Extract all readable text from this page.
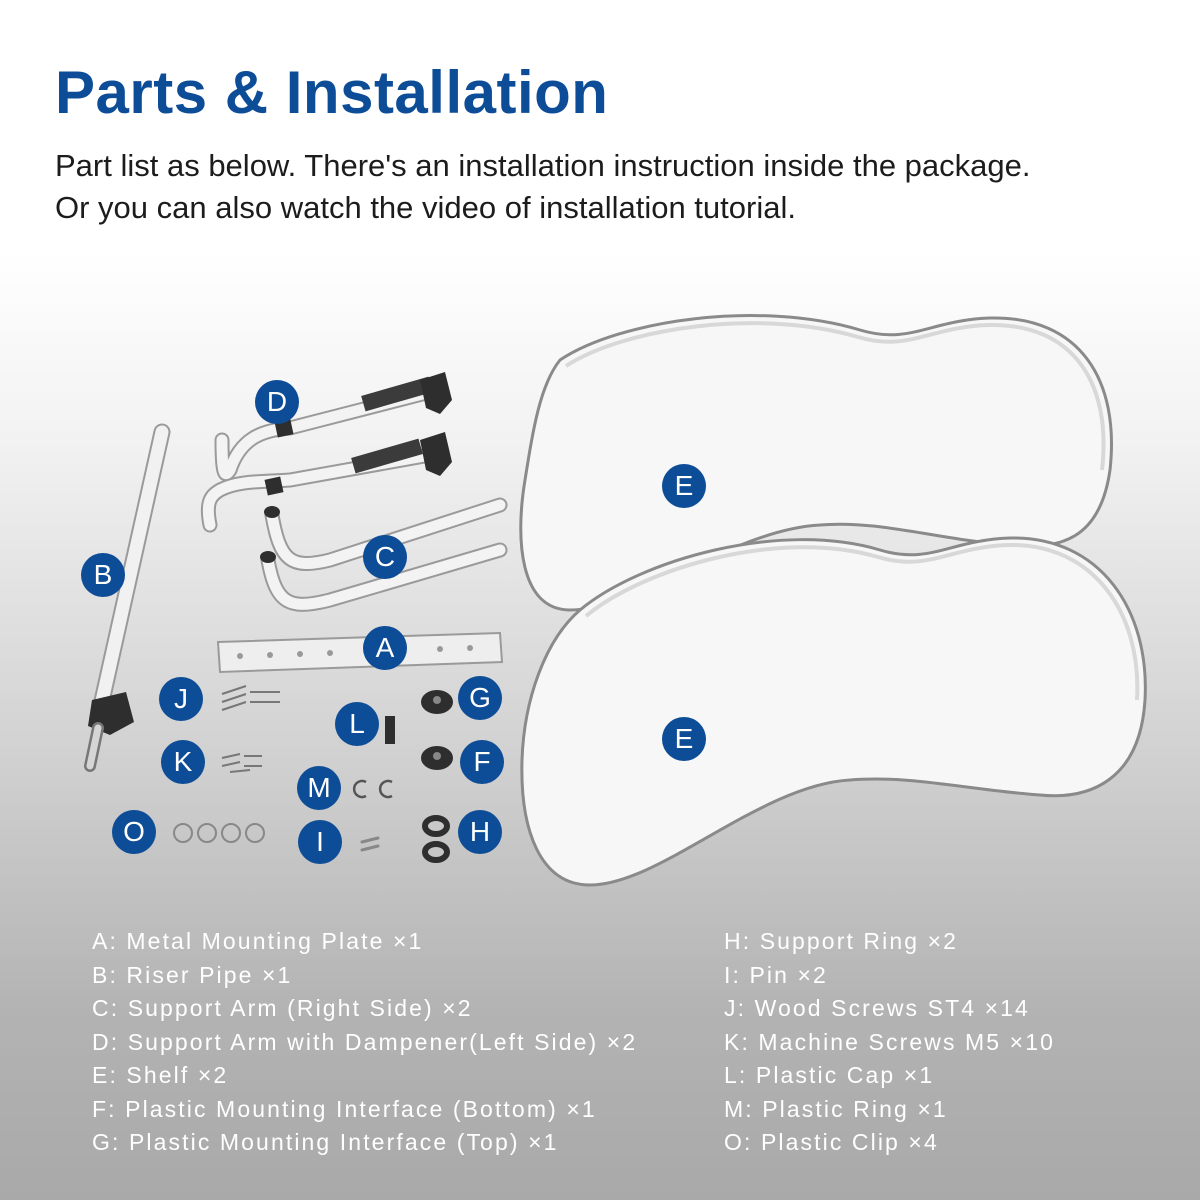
Parts & Installation
Part list as below. There's an installation instruction inside the package.
Or you can also watch the video of installation tutorial.
D
B
C
A
E
E
J
L
G
K	F
M
O	I	H
A: Metal Mounting Plate ×1
B: Riser Pipe ×1
C: Support Arm (Right Side) ×2
D: Support Arm with Dampener(Left Side) ×2
E: Shelf ×2
F: Plastic Mounting Interface (Bottom) ×1
G: Plastic Mounting Interface (Top) ×1
H: Support Ring ×2
I: Pin ×2
J: Wood Screws ST4 ×14
K: Machine Screws M5 ×10
L: Plastic Cap ×1
M: Plastic Ring ×1
O: Plastic Clip ×4
